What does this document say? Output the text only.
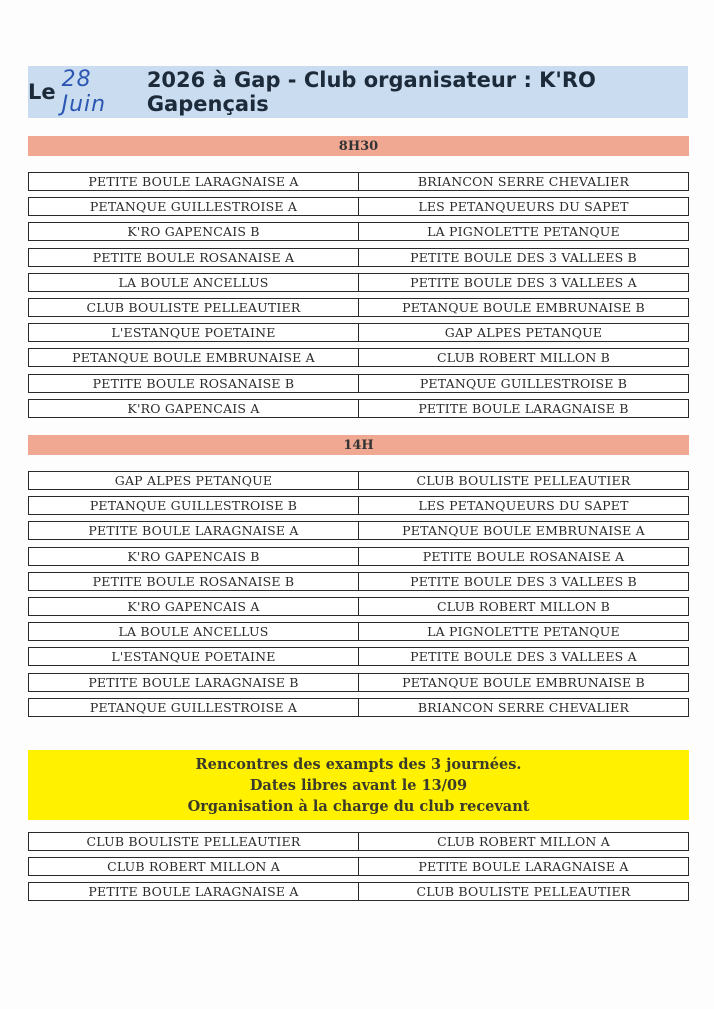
Le 28 Juin
2026 à Gap - Club organisateur : K'RO Gapençais
8H30
PETITE BOULE LARAGNAISE A	BRIANCON SERRE CHEVALIER
PETANQUE GUILLESTROISE A	LES PETANQUEURS DU SAPET
K'RO GAPENCAIS B	LA PIGNOLETTE PETANQUE
PETITE BOULE ROSANAISE A	PETITE BOULE DES 3 VALLEES B
LA BOULE ANCELLUS	PETITE BOULE DES 3 VALLEES A
CLUB BOULISTE PELLEAUTIER	PETANQUE BOULE EMBRUNAISE B
L'ESTANQUE POETAINE	GAP ALPES PETANQUE
PETANQUE BOULE EMBRUNAISE A	CLUB ROBERT MILLON B
PETITE BOULE ROSANAISE B	PETANQUE GUILLESTROISE B
K'RO GAPENCAIS A	PETITE BOULE LARAGNAISE B
14H
GAP ALPES PETANQUE	CLUB BOULISTE PELLEAUTIER
PETANQUE GUILLESTROISE B	LES PETANQUEURS DU SAPET
PETITE BOULE LARAGNAISE A	PETANQUE BOULE EMBRUNAISE A
K'RO GAPENCAIS B	PETITE BOULE ROSANAISE A
PETITE BOULE ROSANAISE B	PETITE BOULE DES 3 VALLEES B
K'RO GAPENCAIS A	CLUB ROBERT MILLON B
LA BOULE ANCELLUS	LA PIGNOLETTE PETANQUE
L'ESTANQUE POETAINE	PETITE BOULE DES 3 VALLEES A
PETITE BOULE LARAGNAISE B	PETANQUE BOULE EMBRUNAISE B
PETANQUE GUILLESTROISE A	BRIANCON SERRE CHEVALIER
Rencontres des exampts des 3 journées.
Dates libres avant le 13/09
Organisation à la charge du club recevant
CLUB BOULISTE PELLEAUTIER	CLUB ROBERT MILLON A
CLUB ROBERT MILLON A	PETITE BOULE LARAGNAISE A
PETITE BOULE LARAGNAISE A	CLUB BOULISTE PELLEAUTIER
